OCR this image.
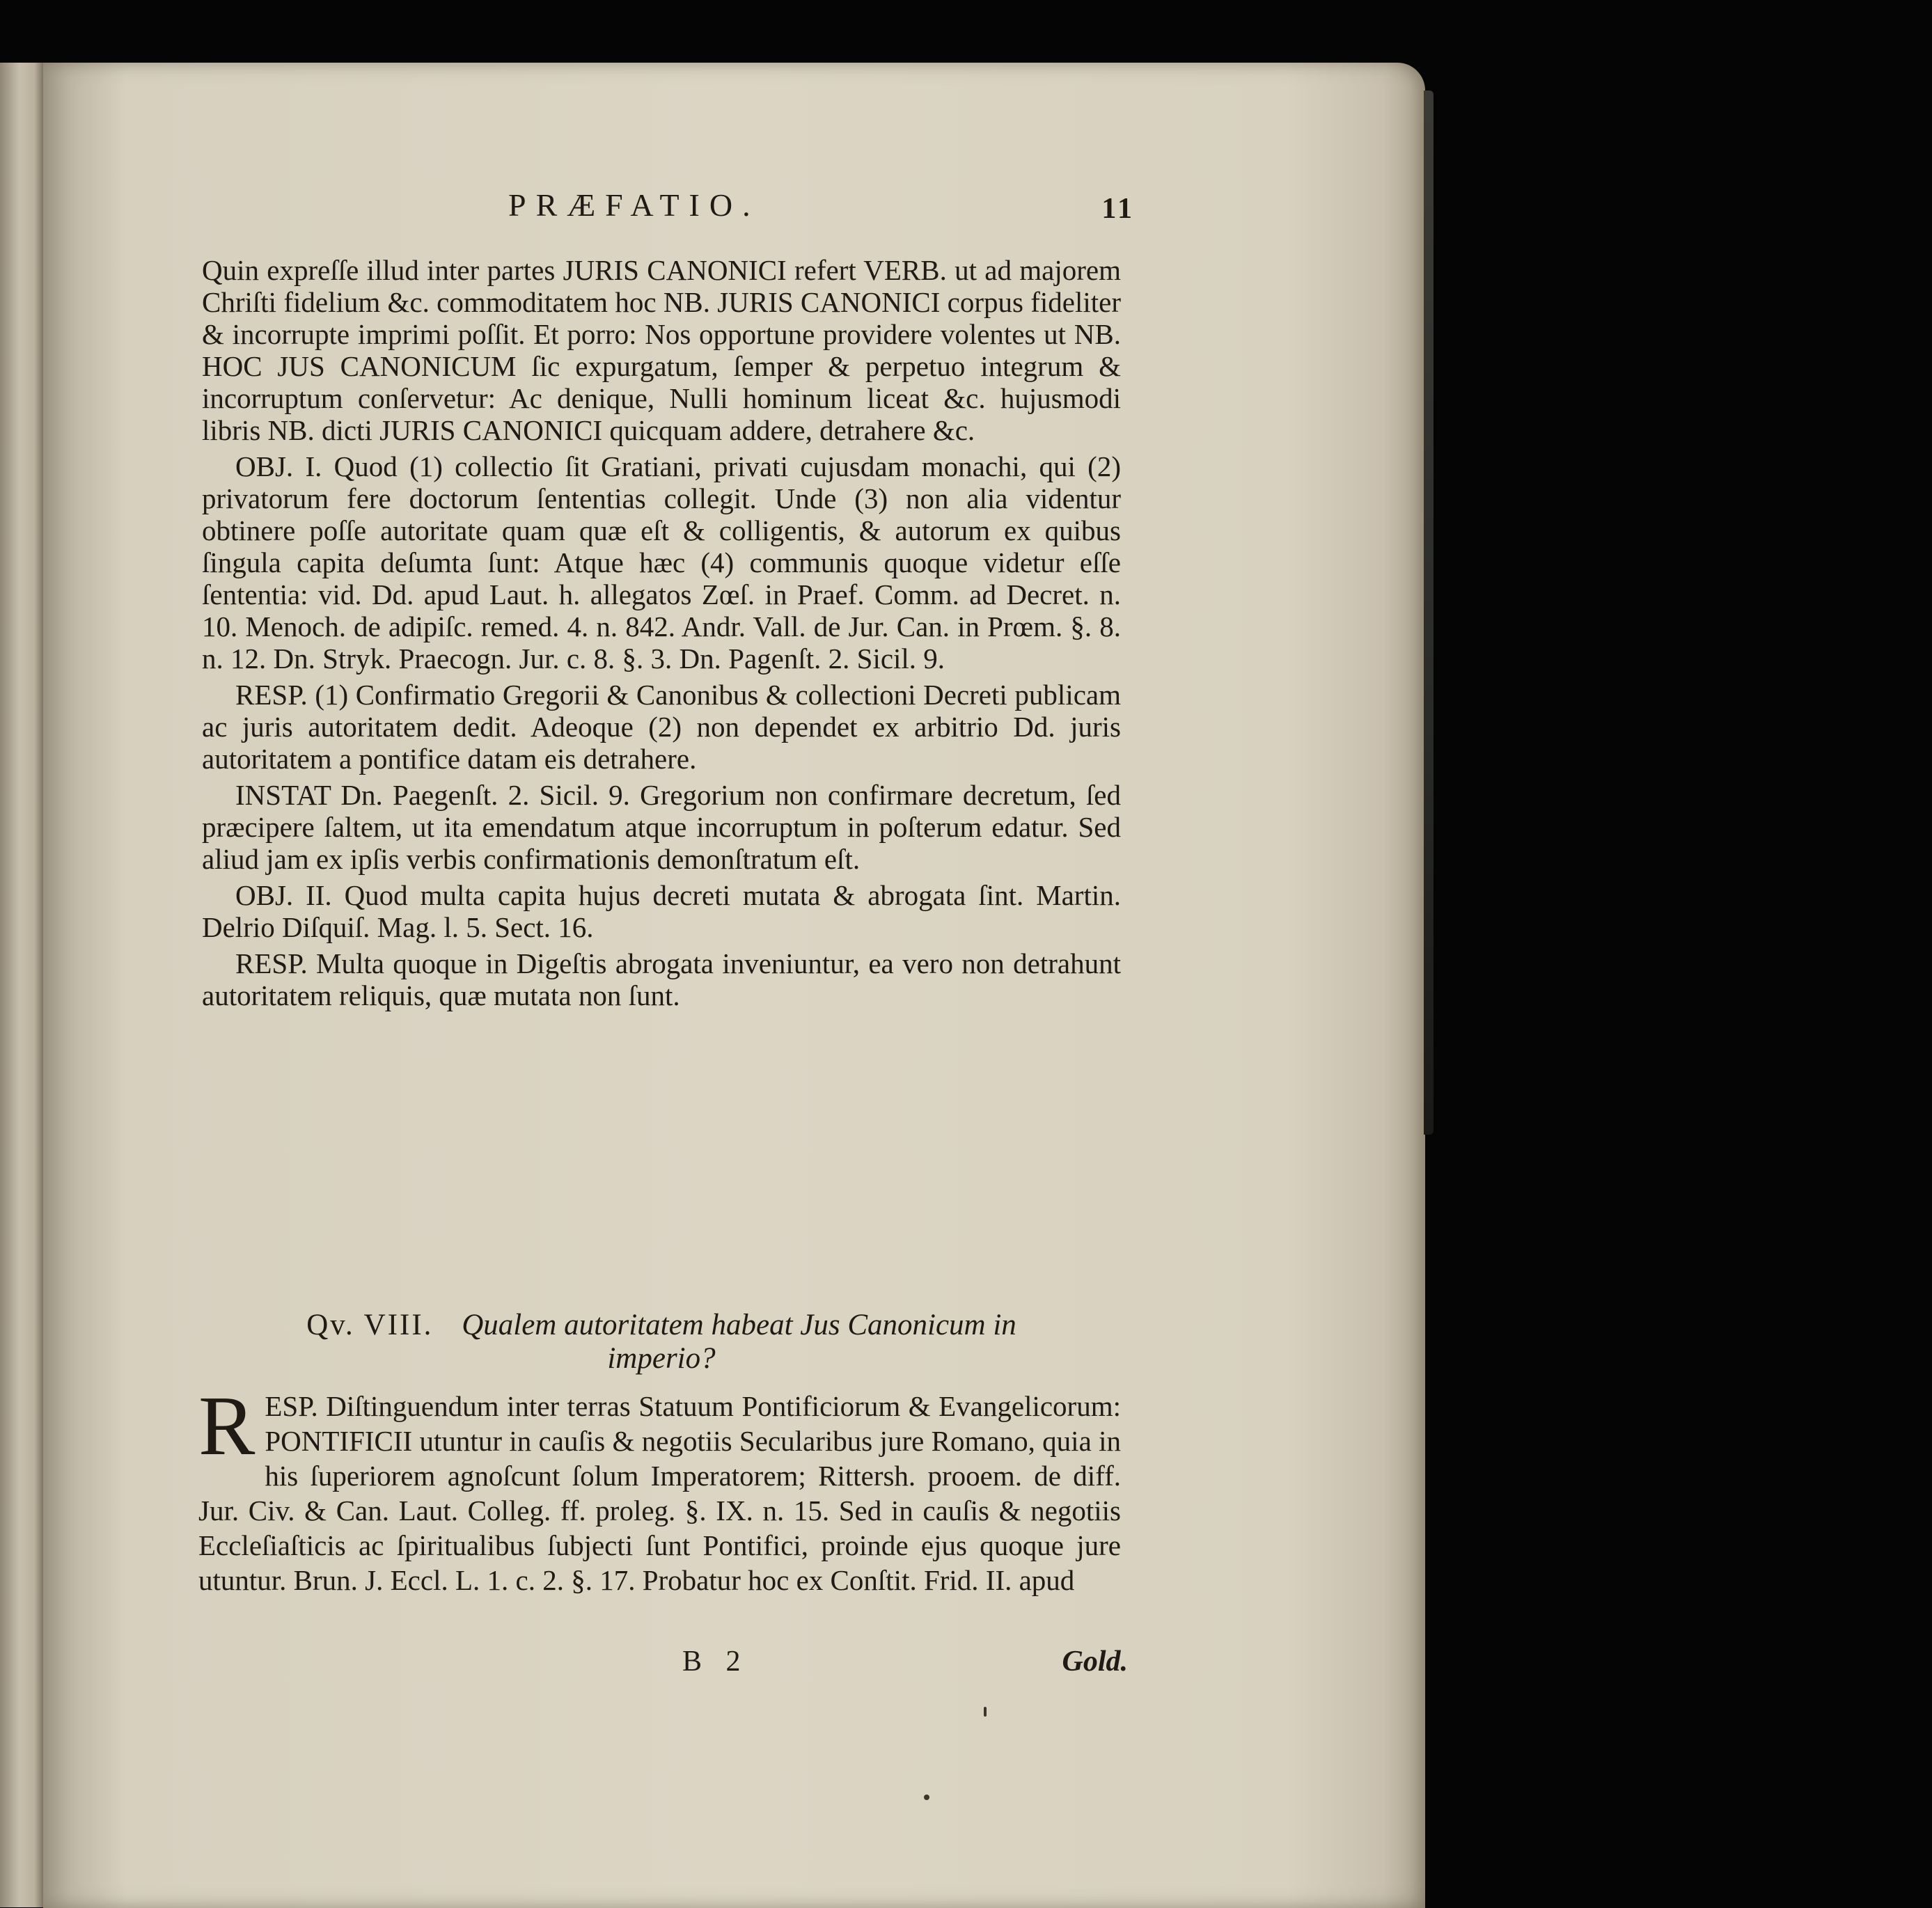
PRÆFATIO.	11

Quin expreſſe illud inter partes JURIS CANONICI refert VERB. ut ad majorem Chriſti fidelium &c. commoditatem hoc NB. JURIS CANONICI corpus fideliter & incorrupte imprimi poſſit. Et porro: Nos opportune providere volentes ut NB. HOC JUS CANONICUM ſic expurgatum, ſemper & perpetuo integrum & incorruptum conſervetur: Ac denique, Nulli hominum liceat &c. hujusmodi libris NB. dicti JURIS CANONICI quicquam addere, detrahere &c.

OBJ. I. Quod (1) collectio ſit Gratiani, privati cujusdam monachi, qui (2) privatorum fere doctorum ſententias collegit. Unde (3) non alia videntur obtinere poſſe autoritate quam quæ eſt & colligentis, & autorum ex quibus ſingula capita deſumta ſunt: Atque hæc (4) communis quoque videtur eſſe ſententia: vid. Dd. apud Laut. h. allegatos Zœſ. in Praef. Comm. ad Decret. n. 10. Menoch. de adipiſc. remed. 4. n. 842. Andr. Vall. de Jur. Can. in Prœm. §. 8. n. 12. Dn. Stryk. Praecogn. Jur. c. 8. §. 3. Dn. Pagenſt. 2. Sicil. 9.

RESP. (1) Confirmatio Gregorii & Canonibus & collectioni Decreti publicam ac juris autoritatem dedit. Adeoque (2) non dependet ex arbitrio Dd. juris autoritatem a pontifice datam eis detrahere.

INSTAT Dn. Paegenſt. 2. Sicil. 9. Gregorium non confirmare decretum, ſed præcipere ſaltem, ut ita emendatum atque incorruptum in poſterum edatur. Sed aliud jam ex ipſis verbis confirmationis demonſtratum eſt.

OBJ. II. Quod multa capita hujus decreti mutata & abrogata ſint. Martin. Delrio Diſquiſ. Mag. l. 5. Sect. 16.

RESP. Multa quoque in Digeſtis abrogata inveniuntur, ea vero non detrahunt autoritatem reliquis, quæ mutata non ſunt.

Qv. VIII. Qualem autoritatem habeat Jus Canonicum in imperio?
R ESP. Diſtinguendum inter terras Statuum Pontificiorum & Evangelicorum: PONTIFICII utuntur in cauſis & negotiis Secularibus jure Romano, quia in his ſuperiorem agnoſcunt ſolum Imperatorem; Rittersh. prooem. de diff. Jur. Civ. & Can. Laut. Colleg. ff. proleg. §. IX. n. 15. Sed in cauſis & negotiis Eccleſiaſticis ac ſpiritualibus ſubjecti ſunt Pontifici, proinde ejus quoque jure utuntur. Brun. J. Eccl. L. 1. c. 2. §. 17. Probatur hoc ex Conſtit. Frid. II. apud
B 2	Gold.
